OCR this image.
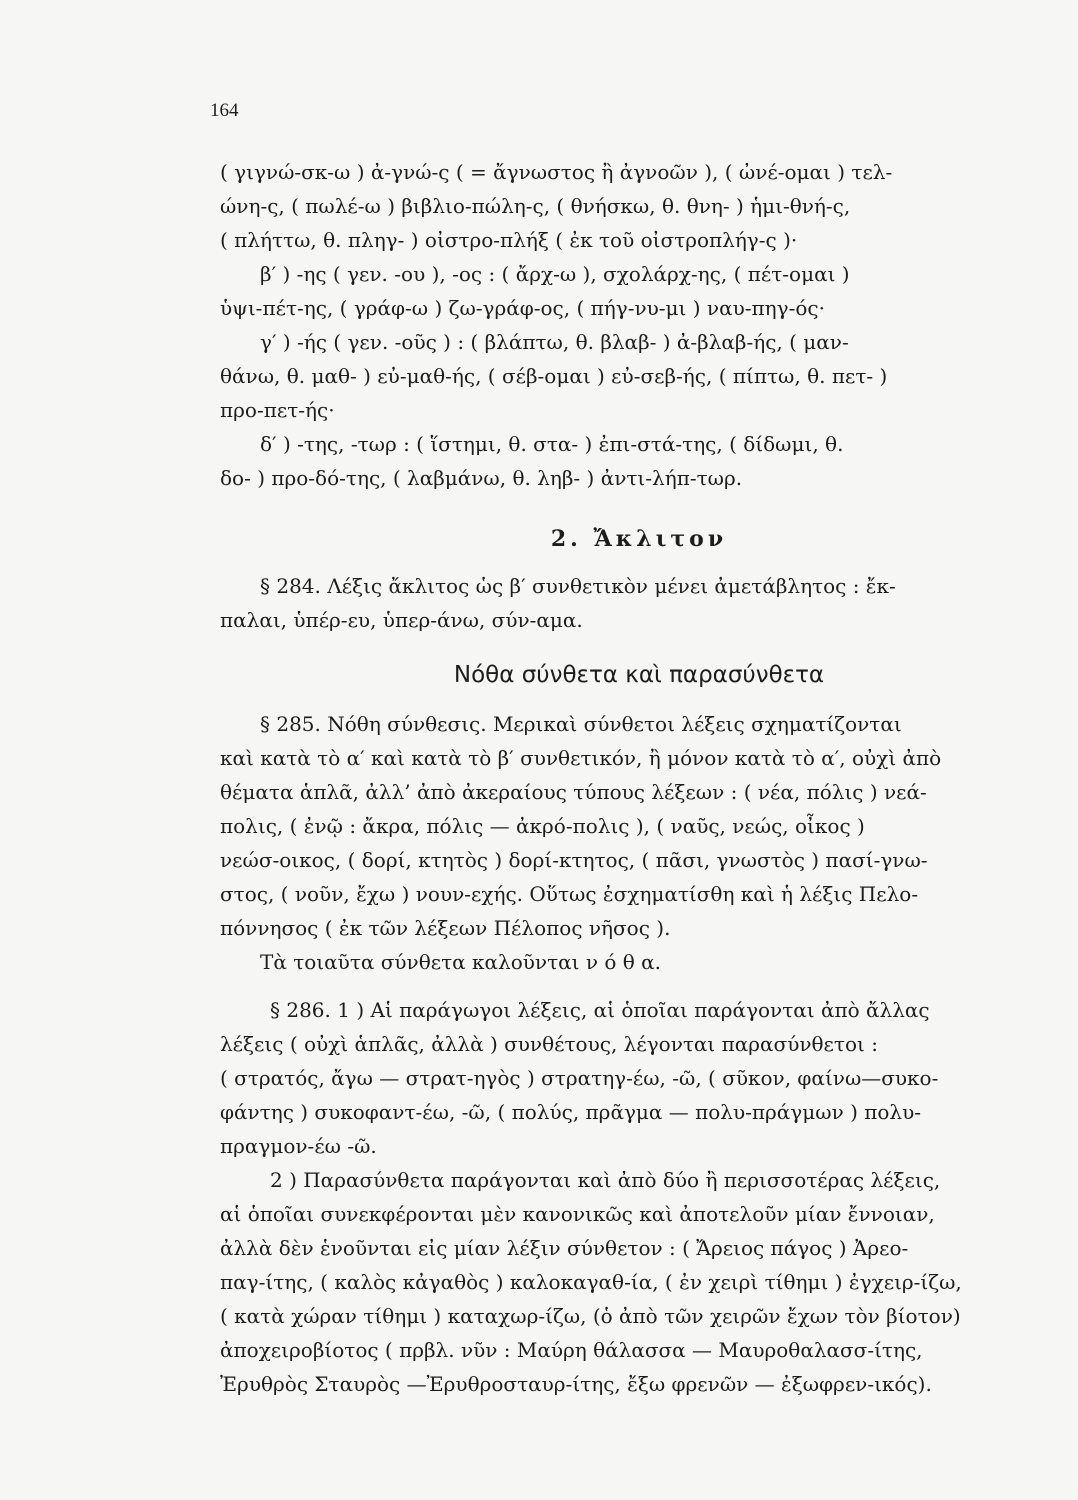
164
( γιγνώ-σκ-ω ) ἀ-γνώ-ς ( = ἄγνωστος ἢ ἀγνοῶν ), ( ὠνέ-ομαι ) τελ-
ώνη-ς, ( πωλέ-ω ) βιβλιο-πώλη-ς, ( θνήσκω, θ. θνη- ) ἡμι-θνή-ς,
( πλήττω, θ. πληγ- ) οἰστρο-πλήξ ( ἐκ τοῦ οἰστροπλήγ-ς )·
β′ ) -ης ( γεν. -ου ), -ος : ( ἄρχ-ω ), σχολάρχ-ης, ( πέτ-ομαι )
ὑψι-πέτ-ης, ( γράφ-ω ) ζω-γράφ-ος, ( πήγ-νυ-μι ) ναυ-πηγ-ός·
γ′ ) -ής ( γεν. -οῦς ) : ( βλάπτω, θ. βλαβ- ) ἀ-βλαβ-ής, ( μαν-
θάνω, θ. μαθ- ) εὐ-μαθ-ής, ( σέβ-ομαι ) εὐ-σεβ-ής, ( πίπτω, θ. πετ- )
προ-πετ-ής·
δ′ ) -της, -τωρ : ( ἵστημι, θ. στα- ) ἐπι-στά-της, ( δίδωμι, θ.
δο- ) προ-δό-της, ( λαβμάνω, θ. ληβ- ) ἀντι-λήπ-τωρ.
2. Ἄκλιτον
§ 284. Λέξις ἄκλιτος ὡς β′ συνθετικὸν μένει ἀμετάβλητος : ἔκ-
παλαι, ὑπέρ-ευ, ὑπερ-άνω, σύν-αμα.
Νόθα σύνθετα καὶ παρασύνθετα
§ 285. Νόθη σύνθεσις. Μερικαὶ σύνθετοι λέξεις σχηματίζονται
καὶ κατὰ τὸ α′ καὶ κατὰ τὸ β′ συνθετικόν, ἢ μόνον κατὰ τὸ α′, οὐχὶ ἀπὸ
θέματα ἁπλᾶ, ἀλλ’ ἀπὸ ἀκεραίους τύπους λέξεων : ( νέα, πόλις ) νεά-
πολις, ( ἐνῷ : ἄκρα, πόλις — ἀκρό-πολις ), ( ναῦς, νεώς, οἶκος )
νεώσ-οικος, ( δορί, κτητὸς ) δορί-κτητος, ( πᾶσι, γνωστὸς ) πασί-γνω-
στος, ( νοῦν, ἔχω ) νουν-εχής. Οὕτως ἐσχηματίσθη καὶ ἡ λέξις Πελο-
πόννησος ( ἐκ τῶν λέξεων Πέλοπος νῆσος ).
Τὰ τοιαῦτα σύνθετα καλοῦνται ν ό θ α.
§ 286. 1 ) Αἱ παράγωγοι λέξεις, αἱ ὁποῖαι παράγονται ἀπὸ ἄλλας
λέξεις ( οὐχὶ ἁπλᾶς, ἀλλὰ ) συνθέτους, λέγονται παρασύνθετοι :
( στρατός, ἄγω — στρατ-ηγὸς ) στρατηγ-έω, -ῶ, ( σῦκον, φαίνω—συκο-
φάντης ) συκοφαντ-έω, -ῶ, ( πολύς, πρᾶγμα — πολυ-πράγμων ) πολυ-
πραγμον-έω -ῶ.
2 ) Παρασύνθετα παράγονται καὶ ἀπὸ δύο ἢ περισσοτέρας λέξεις,
αἱ ὁποῖαι συνεκφέρονται μὲν κανονικῶς καὶ ἀποτελοῦν μίαν ἔννοιαν,
ἀλλὰ δὲν ἑνοῦνται εἰς μίαν λέξιν σύνθετον : ( Ἄρειος πάγος ) Ἀρεο-
παγ-ίτης, ( καλὸς κἀγαθὸς ) καλοκαγαθ-ία, ( ἐν χειρὶ τίθημι ) ἐγχειρ-ίζω,
( κατὰ χώραν τίθημι ) καταχωρ-ίζω, (ὁ ἀπὸ τῶν χειρῶν ἔχων τὸν βίοτον)
ἀποχειροβίοτος ( πρβλ. νῦν : Μαύρη θάλασσα — Μαυροθαλασσ-ίτης,
Ἐρυθρὸς Σταυρὸς —Ἐρυθροσταυρ-ίτης, ἔξω φρενῶν — ἐξωφρεν-ικός).
